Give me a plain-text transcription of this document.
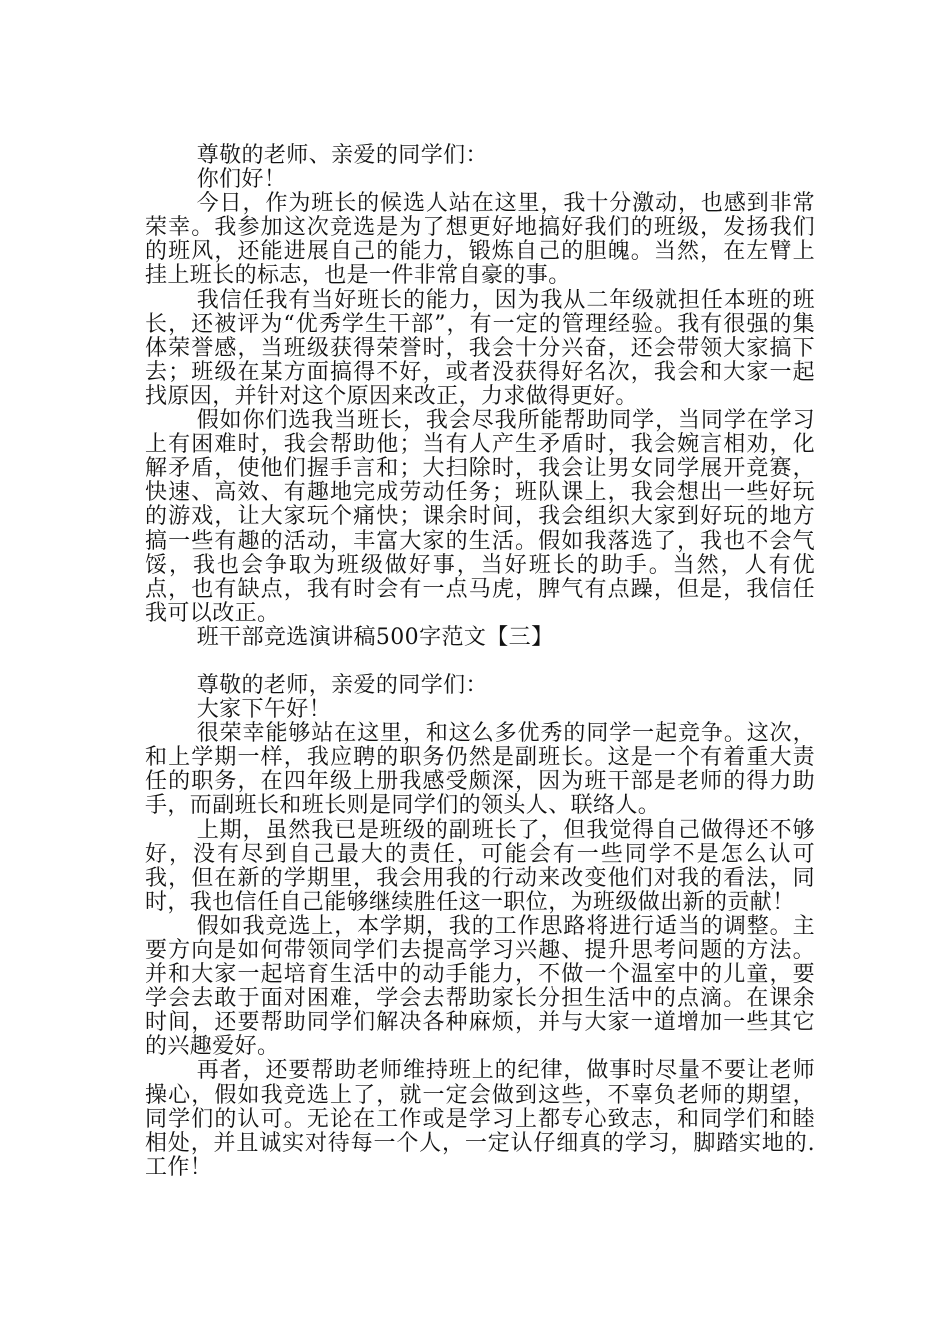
尊敬的老师、亲爱的同学们：

你们好！

今日，作为班长的候选人站在这里，我十分激动，也感到非常荣幸。我参加这次竞选是为了想更好地搞好我们的班级，发扬我们的班风，还能进展自己的能力，锻炼自己的胆魄。当然，在左臂上挂上班长的标志，也是一件非常自豪的事。

我信任我有当好班长的能力，因为我从二年级就担任本班的班长，还被评为“优秀学生干部”，有一定的管理经验。我有很强的集体荣誉感，当班级获得荣誉时，我会十分兴奋，还会带领大家搞下去；班级在某方面搞得不好，或者没获得好名次，我会和大家一起找原因，并针对这个原因来改正，力求做得更好。

假如你们选我当班长，我会尽我所能帮助同学，当同学在学习上有困难时，我会帮助他；当有人产生矛盾时，我会婉言相劝，化解矛盾，使他们握手言和；大扫除时，我会让男女同学展开竞赛，快速、高效、有趣地完成劳动任务；班队课上，我会想出一些好玩的游戏，让大家玩个痛快；课余时间，我会组织大家到好玩的地方搞一些有趣的活动，丰富大家的生活。假如我落选了，我也不会气馁，我也会争取为班级做好事，当好班长的助手。当然，人有优点，也有缺点，我有时会有一点马虎，脾气有点躁，但是，我信任我可以改正。

班干部竞选演讲稿500字范文【三】

尊敬的老师，亲爱的同学们：

大家下午好！

很荣幸能够站在这里，和这么多优秀的同学一起竞争。这次，和上学期一样，我应聘的职务仍然是副班长。这是一个有着重大责任的职务，在四年级上册我感受颇深，因为班干部是老师的得力助手，而副班长和班长则是同学们的领头人、联络人。

上期，虽然我已是班级的副班长了，但我觉得自己做得还不够好，没有尽到自己最大的责任，可能会有一些同学不是怎么认可我，但在新的学期里，我会用我的行动来改变他们对我的看法，同时，我也信任自己能够继续胜任这一职位，为班级做出新的贡献！

假如我竞选上，本学期，我的工作思路将进行适当的调整。主要方向是如何带领同学们去提高学习兴趣、提升思考问题的方法。并和大家一起培育生活中的动手能力，不做一个温室中的儿童，要学会去敢于面对困难，学会去帮助家长分担生活中的点滴。在课余时间，还要帮助同学们解决各种麻烦，并与大家一道增加一些其它的兴趣爱好。

再者，还要帮助老师维持班上的纪律，做事时尽量不要让老师操心，假如我竞选上了，就一定会做到这些，不辜负老师的期望，同学们的认可。无论在工作或是学习上都专心致志，和同学们和睦相处，并且诚实对待每一个人，一定认仔细真的学习，脚踏实地的.工作！
